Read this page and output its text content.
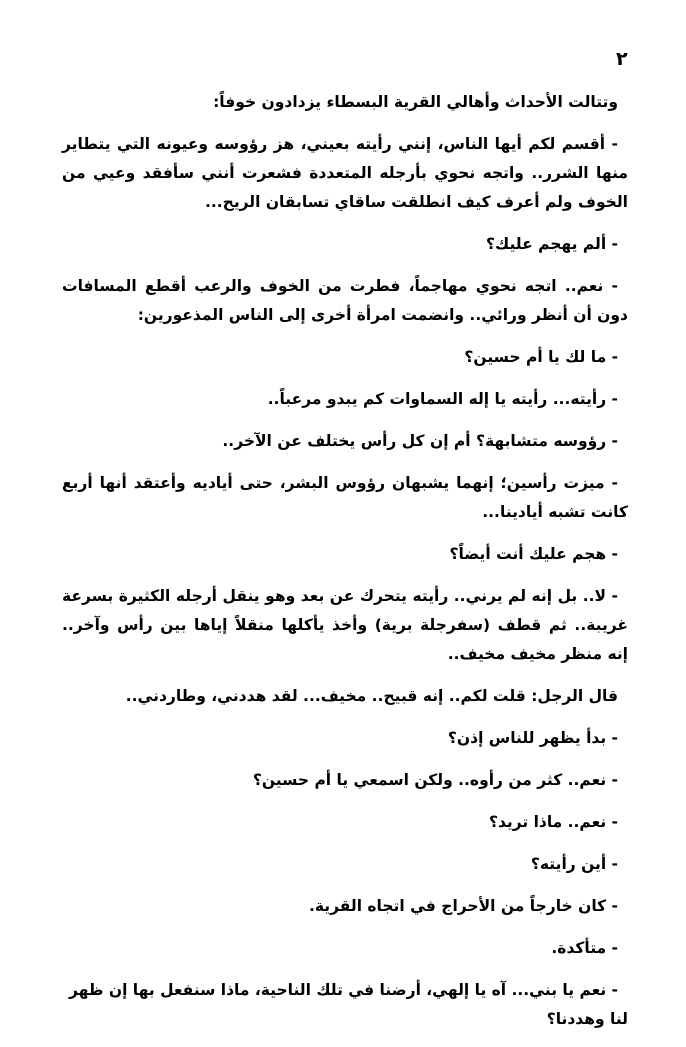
٢

وتتالت الأحداث وأهالي القرية البسطاء يزدادون خوفاً:

- أقسم لكم أيها الناس، إنني رأيته بعيني، هز رؤوسه وعيونه التي يتطاير منها الشرر.. واتجه نحوي بأرجله المتعددة فشعرت أنني سأفقد وعيي من الخوف ولم أعرف كيف انطلقت ساقاي تسابقان الريح...

- ألم يهجم عليك؟

- نعم.. اتجه نحوي مهاجماً، فطرت من الخوف والرعب أقطع المسافات دون أن أنظر ورائي.. وانضمت امرأة أخرى إلى الناس المذعورين:

- ما لك يا أم حسين؟

- رأيته... رأيته يا إله السماوات كم يبدو مرعباً..

- رؤوسه متشابهة؟ أم إن كل رأس يختلف عن الآخر..

- ميزت رأسين؛ إنهما يشبهان رؤوس البشر، حتى أياديه وأعتقد أنها أربع كانت تشبه أيادينا...

- هجم عليك أنت أيضاً؟

- لا.. بل إنه لم يرني.. رأيته يتحرك عن بعد وهو ينقل أرجله الكثيرة بسرعة غريبة.. ثم قطف (سفرجلة برية) وأخذ يأكلها منقلاً إياها بين رأس وآخر.. إنه منظر مخيف مخيف..

قال الرجل: قلت لكم.. إنه قبيح.. مخيف... لقد هددني، وطاردني..

- بدأ يظهر للناس إذن؟

- نعم.. كثر من رأوه.. ولكن اسمعي يا أم حسين؟

- نعم.. ماذا تريد؟

- أين رأيته؟

- كان خارجاً من الأحراج في اتجاه القرية.

- متأكدة.

- نعم يا بني... آه يا إلهي، أرضنا في تلك الناحية، ماذا سنفعل بها إن ظهر لنا وهددنا؟
